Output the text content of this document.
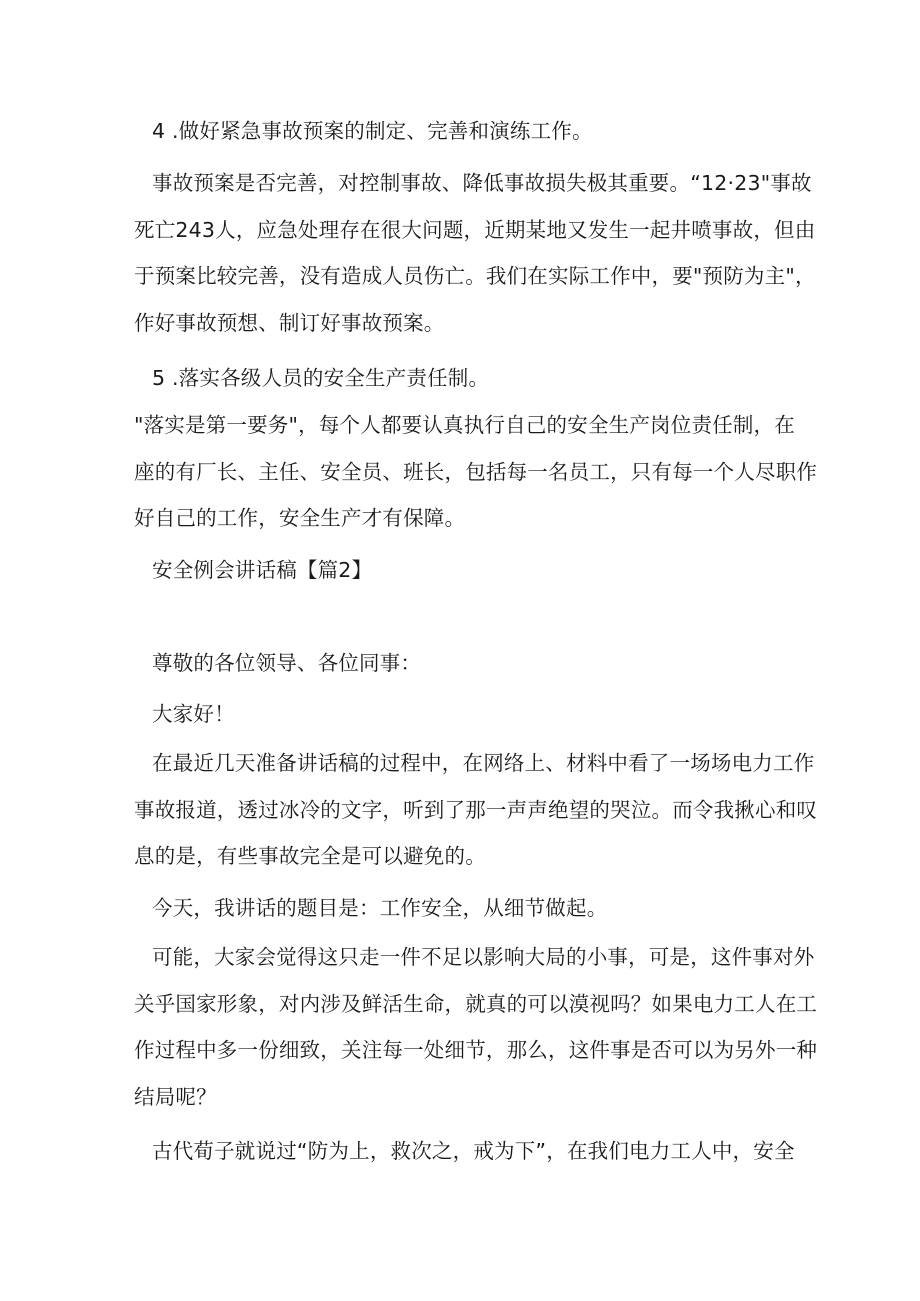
4 .做好紧急事故预案的制定、完善和演练工作。
事故预案是否完善，对控制事故、降低事故损失极其重要。“12·23"事故
死亡243人，应急处理存在很大问题，近期某地又发生一起井喷事故，但由
于预案比较完善，没有造成人员伤亡。我们在实际工作中，要"预防为主"，
作好事故预想、制订好事故预案。
5 .落实各级人员的安全生产责任制。
"落实是第一要务"，每个人都要认真执行自己的安全生产岗位责任制，在
座的有厂长、主任、安全员、班长，包括每一名员工，只有每一个人尽职作
好自己的工作，安全生产才有保障。
安全例会讲话稿【篇2】
尊敬的各位领导、各位同事：
大家好！
在最近几天准备讲话稿的过程中，在网络上、材料中看了一场场电力工作
事故报道，透过冰冷的文字，听到了那一声声绝望的哭泣。而令我揪心和叹
息的是，有些事故完全是可以避免的。
今天，我讲话的题目是：工作安全，从细节做起。
可能，大家会觉得这只走一件不足以影响大局的小事，可是，这件事对外
关乎国家形象，对内涉及鲜活生命，就真的可以漠视吗？如果电力工人在工
作过程中多一份细致，关注每一处细节，那么，这件事是否可以为另外一种
结局呢？
古代荀子就说过“防为上，救次之，戒为下”，在我们电力工人中，安全
